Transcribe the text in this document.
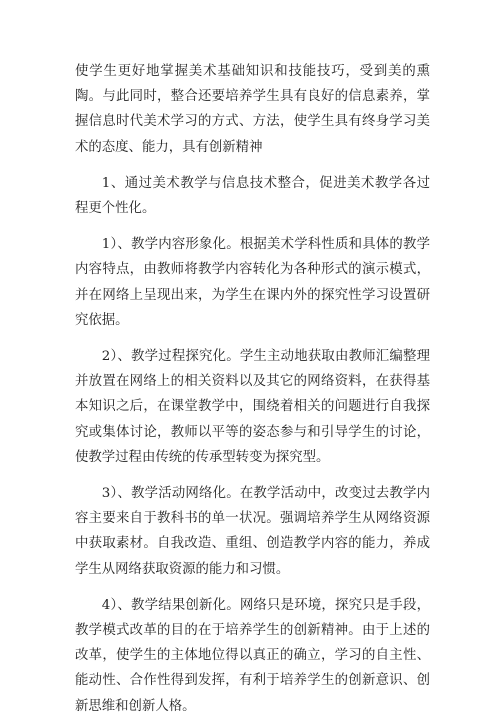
使学生更好地掌握美术基础知识和技能技巧，受到美的熏陶。与此同时，整合还要培养学生具有良好的信息素养，掌握信息时代美术学习的方式、方法，使学生具有终身学习美术的态度、能力，具有创新精神

1、通过美术教学与信息技术整合，促进美术教学各过程更个性化。

1）、教学内容形象化。根据美术学科性质和具体的教学内容特点，由教师将教学内容转化为各种形式的演示模式，并在网络上呈现出来，为学生在课内外的探究性学习设置研究依据。

2）、教学过程探究化。学生主动地获取由教师汇编整理并放置在网络上的相关资料以及其它的网络资料，在获得基本知识之后，在课堂教学中，围绕着相关的问题进行自我探究或集体讨论，教师以平等的姿态参与和引导学生的讨论，使教学过程由传统的传承型转变为探究型。

3）、教学活动网络化。在教学活动中，改变过去教学内容主要来自于教科书的单一状况。强调培养学生从网络资源中获取素材。自我改造、重组、创造教学内容的能力，养成学生从网络获取资源的能力和习惯。

4）、教学结果创新化。网络只是环境，探究只是手段，教学模式改革的目的在于培养学生的创新精神。由于上述的改革，使学生的主体地位得以真正的确立，学习的自主性、能动性、合作性得到发挥，有利于培养学生的创新意识、创新思维和创新人格。
